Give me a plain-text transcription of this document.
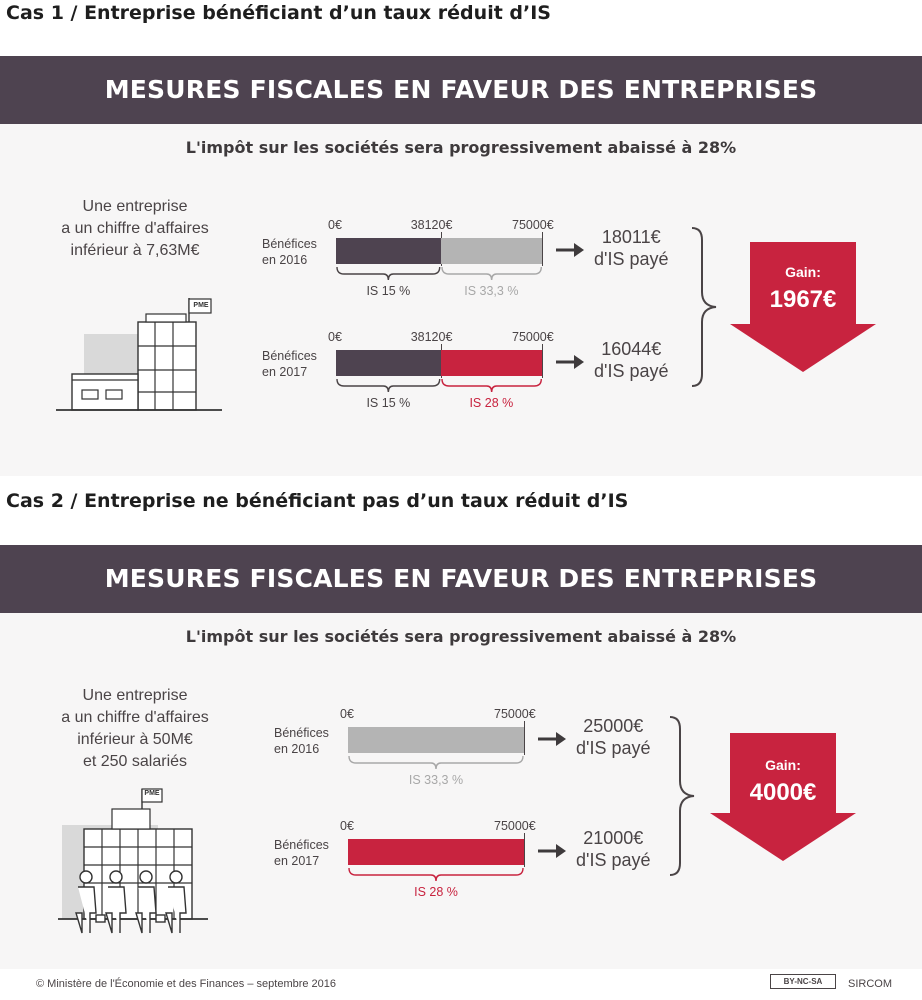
Cas 1 / Entreprise bénéficiant d’un taux réduit d’IS
MESURES FISCALES EN FAVEUR DES ENTREPRISES
L'impôt sur les sociétés sera progressivement abaissé à 28%
Une entreprise
a un chiffre d'affaires
inférieur à 7,63M€
PME
Bénéfices
en 2016
0€	38120€	75000€
IS 15 %	IS 33,3 %
18011€
d'IS payé
Bénéfices
en 2017
0€	38120€	75000€
IS 15 %	IS 28 %
16044€
d'IS payé
Gain:
1967€
Cas 2 / Entreprise ne bénéficiant pas d’un taux réduit d’IS
MESURES FISCALES EN FAVEUR DES ENTREPRISES
L'impôt sur les sociétés sera progressivement abaissé à 28%
Une entreprise
a un chiffre d'affaires
inférieur à 50M€
et 250 salariés
PME
Bénéfices
en 2016
0€	75000€
IS 33,3 %
25000€
d'IS payé
Bénéfices
en 2017
0€	75000€
IS 28 %
21000€
d'IS payé
Gain:
4000€
© Ministère de l'Économie et des Finances – septembre 2016	BY-NC-SA	SIRCOM
